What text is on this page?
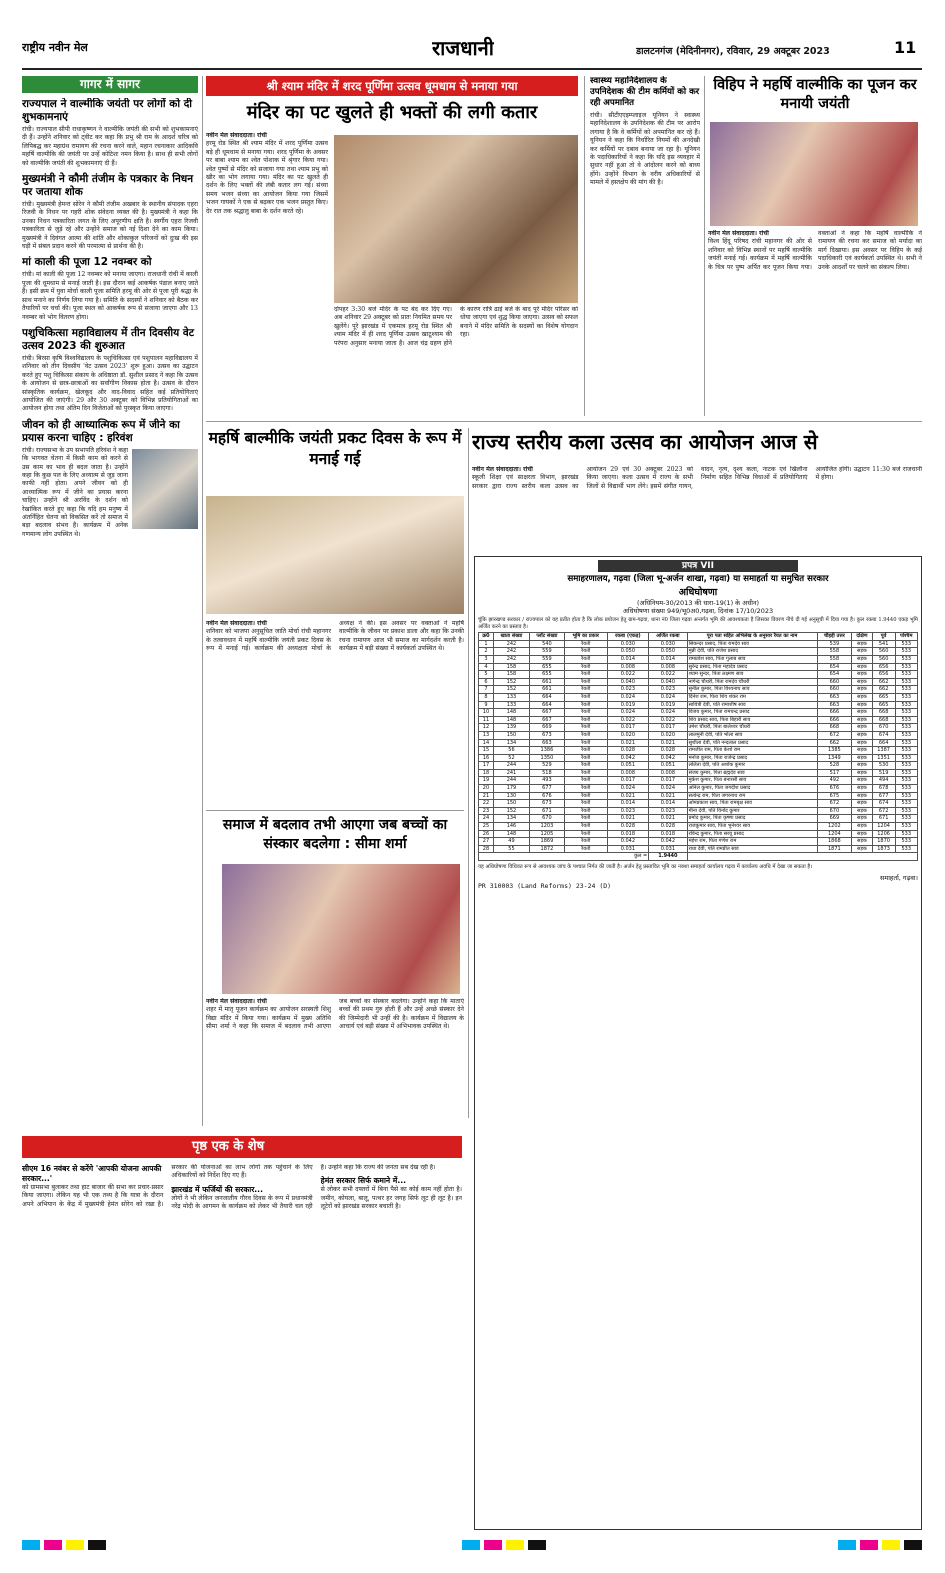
राष्ट्रीय नवीन मेल	राजधानी	डालटनगंज (मेदिनीनगर), रविवार, 29 अक्टूबर 2023	11
गागर में सागर
राज्यपाल ने वाल्मीकि जयंती पर लोगों को दी शुभकामनाएं
रांची। राज्यपाल सीपी राधाकृष्णन ने वाल्मीकि जयंती की सभी को शुभकामनाएं दी हैं। उन्होंने शनिवार को ट्वीट कर कहा कि प्रभु श्री राम के आदर्श चरित्र को लिपिबद्ध कर महाग्रंथ रामायण की रचना करने वाले, महान रचनाकार आदिकवि महर्षि वाल्मीकि की जयंती पर उन्हें कोटिशः नमन किया है। साथ ही सभी लोगों को वाल्मीकि जयंती की शुभकामनाएं दी हैं।
मुख्यमंत्री ने कौमी तंजीम के पत्रकार के निधन पर जताया शोक
रांची। मुख्यमंत्री हेमन्त सोरेन ने कौमी तंजीम अखबार के स्थानीय संपादक एहरा रिजवी के निधन पर गहरी शोक संवेदना व्यक्त की है। मुख्यमंत्री ने कहा कि उनका निधन पत्रकारिता जगत के लिए अपूरणीय क्षति है। स्वर्गीय एहरा रिजवी पत्रकारिता से जुड़े रहे और उन्होंने समाज को नई दिशा देने का काम किया। मुख्यमंत्री ने दिवंगत आत्मा की शांति और शोकाकुल परिजनों को दुःख की इस घड़ी में संबल प्रदान करने की परमात्मा से प्रार्थना की है।
मां काली की पूजा 12 नवम्बर को
रांची। मां काली की पूजा 12 नवम्बर को मनाया जाएगा। राजधानी रांची में काली पूजा की धूमधाम से मनाई जाती है। इस दौरान कई आकर्षक पंडाल बनाए जाते हैं। इसी क्रम में युवा मोर्चा काली पूजा समिति हरमू की ओर से पूजा पूरी श्रद्धा के साथ मनाने का निर्णय लिया गया है। समिति के सदस्यों ने शनिवार को बैठक कर तैयारियों पर चर्चा की। पूजा स्थल को आकर्षक रूप से सजाया जाएगा और 13 नवम्बर को भोग वितरण होगा।
पशुचिकित्सा महाविद्यालय में तीन दिवसीय वेट उत्सव 2023 की शुरुआत
रांची। बिरसा कृषि विश्वविद्यालय के पशुचिकित्सा एवं पशुपालन महाविद्यालय में शनिवार को तीन दिवसीय 'वेट उत्सव 2023' शुरू हुआ। उत्सव का उद्घाटन करते हुए पशु चिकित्सा संकाय के अधिष्ठाता डॉ. सुशील प्रसाद ने कहा कि उत्सव के आयोजन से छात्र-छात्राओं का सर्वांगीण विकास होता है। उत्सव के दौरान सांस्कृतिक कार्यक्रम, खेलकूद और वाद-विवाद सहित कई प्रतियोगिताएं आयोजित की जाएंगी। 29 और 30 अक्टूबर को विभिन्न प्रतियोगिताओं का आयोजन होगा तथा अंतिम दिन विजेताओं को पुरस्कृत किया जाएगा।
जीवन को ही आध्यात्मिक रूप में जीने का प्रयास करना चाहिए : हरिवंश
रांची। राज्यसभा के उप सभापति हरिवंश ने कहा कि भागवत चेतना में किसी काम को करने से उस काम का भाव ही बदल जाता है। उन्होंने कहा कि कुछ पल के लिए अध्यात्म से जुड़ जाना काफी नहीं होता। अपने जीवन को ही आध्यात्मिक रूप में जीने का प्रयास करना चाहिए। उन्होंने श्री अरविंद के दर्शन को रेखांकित करते हुए कहा कि यदि हम मनुष्य में अंतर्निहित चेतना को विकसित करें तो समाज में बड़ा बदलाव संभव है। कार्यक्रम में अनेक गणमान्य लोग उपस्थित थे।
श्री श्याम मंदिर में शरद पूर्णिमा उत्सव धूमधाम से मनाया गया
मंदिर का पट खुलते ही भक्तों की लगी कतार
नवीन मेल संवाददाता। रांची
हरमू रोड स्थित श्री श्याम मंदिर में शरद पूर्णिमा उत्सव बड़े ही धूमधाम से मनाया गया। शरद पूर्णिमा के अवसर पर बाबा श्याम का श्वेत पोशाक में श्रृंगार किया गया। श्वेत पुष्पों से मंदिर को सजाया गया तथा श्याम प्रभु को खीर का भोग लगाया गया। मंदिर का पट खुलते ही दर्शन के लिए भक्तों की लंबी कतार लग गई। संध्या समय भजन संध्या का आयोजन किया गया जिसमें भजन गायकों ने एक से बढ़कर एक भजन प्रस्तुत किए। देर रात तक श्रद्धालु बाबा के दर्शन करते रहे।
दोपहर 3:30 बजे मंदिर के पट बंद कर दिए गए। अब शनिवार 29 अक्टूबर को प्रातः नियमित समय पर खुलेंगे। पूरे झारखंड में एकमात्र हरमू रोड स्थित श्री श्याम मंदिर में ही शरद पूर्णिमा उत्सव खाटूश्याम की परंपरा अनुसार मनाया जाता है। आज चंद्र ग्रहण होने के कारण रात्रि ढाई बजे के बाद पूरे मंदिर परिसर को धोया जाएगा एवं शुद्ध किया जाएगा। उत्सव को सफल बनाने में मंदिर समिति के सदस्यों का विशेष योगदान रहा।
स्वास्थ्य महानिदेशालय के उपनिदेशक की टीम कर्मियों को कर रही अपमानित
रांची। सीटीएएइम्प्लाइज यूनियन ने स्वास्थ्य महानिदेशालय के उपनिदेशक की टीम पर आरोप लगाया है कि वे कर्मियों को अपमानित कर रहे हैं। यूनियन ने कहा कि निर्धारित नियमों की अनदेखी कर कर्मियों पर दबाव बनाया जा रहा है। यूनियन के पदाधिकारियों ने कहा कि यदि इस व्यवहार में सुधार नहीं हुआ तो वे आंदोलन करने को बाध्य होंगे। उन्होंने विभाग के वरीय अधिकारियों से मामले में हस्तक्षेप की मांग की है।
विहिप ने महर्षि वाल्मीकि का पूजन कर मनायी जयंती
नवीन मेल संवाददाता। रांची
विश्व हिंदू परिषद रांची महानगर की ओर से शनिवार को विभिन्न स्थानों पर महर्षि वाल्मीकि जयंती मनाई गई। कार्यक्रम में महर्षि वाल्मीकि के चित्र पर पुष्प अर्पित कर पूजन किया गया। वक्ताओं ने कहा कि महर्षि वाल्मीकि ने रामायण की रचना कर समाज को मर्यादा का मार्ग दिखाया। इस अवसर पर विहिप के कई पदाधिकारी एवं कार्यकर्ता उपस्थित थे। सभी ने उनके आदर्शों पर चलने का संकल्प लिया।
महर्षि बाल्मीकि जयंती प्रकट दिवस के रूप में मनाई गई
नवीन मेल संवाददाता। रांची
शनिवार को भाजपा अनुसूचित जाति मोर्चा रांची महानगर के तत्वावधान में महर्षि वाल्मीकि जयंती प्रकट दिवस के रूप में मनाई गई। कार्यक्रम की अध्यक्षता मोर्चा के अध्यक्ष ने की। इस अवसर पर वक्ताओं ने महर्षि वाल्मीकि के जीवन पर प्रकाश डाला और कहा कि उनकी रचना रामायण आज भी समाज का मार्गदर्शन करती है। कार्यक्रम में बड़ी संख्या में कार्यकर्ता उपस्थित थे।
राज्य स्तरीय कला उत्सव का आयोजन आज से
नवीन मेल संवाददाता। रांची
स्कूली शिक्षा एवं साक्षरता विभाग, झारखंड सरकार द्वारा राज्य स्तरीय कला उत्सव का आयोजन 29 एवं 30 अक्टूबर 2023 को किया जाएगा। कला उत्सव में राज्य के सभी जिलों से विद्यार्थी भाग लेंगे। इसमें संगीत गायन, वादन, नृत्य, दृश्य कला, नाटक एवं खिलौना निर्माण सहित विभिन्न विधाओं में प्रतियोगिताएं आयोजित होंगी। उद्घाटन 11:30 बजे राजधानी में होगा।
समाज में बदलाव तभी आएगा जब बच्चों का संस्कार बदलेगा : सीमा शर्मा
नवीन मेल संवाददाता। रांची
शहर में मातृ पूजन कार्यक्रम का आयोजन सरस्वती शिशु विद्या मंदिर में किया गया। कार्यक्रम में मुख्य अतिथि सीमा शर्मा ने कहा कि समाज में बदलाव तभी आएगा जब बच्चों का संस्कार बदलेगा। उन्होंने कहा कि माताएं बच्चों की प्रथम गुरु होती हैं और उन्हें अच्छे संस्कार देने की जिम्मेदारी भी उन्हीं की है। कार्यक्रम में विद्यालय के आचार्य एवं बड़ी संख्या में अभिभावक उपस्थित थे।
पृष्ठ एक के शेष
सीएम 16 नवंबर से करेंगे 'आपकी योजना आपकी सरकार...'
को ग्रामसभा बुलाकर तथा हाट बाजार की सभा कर प्रचार-प्रसार किया जाएगा। लेकिन यह भी एक तथ्य है कि यात्रा के दौरान अपने अभियान के केंद्र में मुख्यमंत्री हेमंत सोरेन को रखा है। सरकार की योजनाओं का लाभ लोगों तक पहुंचाने के लिए अधिकारियों को निर्देश दिए गए हैं।
झारखंड में फर्जियों की सरकार...
लोगों ने भी लेकिन जनजातीय गौरव दिवस के रूप में प्रधानमंत्री नरेंद्र मोदी के आगमन के कार्यक्रम को लेकर भी तैयारी चल रही है। उन्होंने कहा कि राज्य की जनता सब देख रही है।
हेमंत सरकार सिर्फ कमाने में...
से लोकर सभी दफ्तरों में बिना पैसे का कोई काम नहीं होता है। जमीन, कोयला, बालू, पत्थर हर जगह सिर्फ लूट ही लूट है। इन लूटेरों को झारखंड सरकार बचाती है।
प्रपत्र VII
समाहरणालय, गढ़वा (जिला भू-अर्जन शाखा, गढ़वा) या समाहर्ता या समुचित सरकार
अधिघोषणा
(अधिनियम-30/2013 की धारा-19(1) के अधीन)
अधिघोषणा संख्या 949/भू0अ0,गढ़वा, दिनांक 17/10/2023
चूंकि झारखण्ड सरकार / राज्यपाल को यह प्रतीत होता है कि लोक प्रयोजन हेतु ग्राम-गढ़वा, थाना नं0 जिला गढ़वा अन्तर्गत भूमि की आवश्यकता है जिसका विवरण नीचे दी गई अनुसूची में दिया गया है। कुल रकबा 1.9440 एकड़ भूमि अर्जित करने का प्रस्ताव है।
क्र0	खाता संख्या	प्लॉट संख्या	भूमि का प्रकार	रकबा (एकड़)	अर्जित रकबा	पूरा पता सहित अभिलेख के अनुसार रैयत का नाम	चौहद्दी उत्तर	दक्षिण	पूर्व	पश्चिम
1	242	540	रैयती	0.030	0.030	सिकन्दर प्रसाद, पिता रामदेव साव	539	सड़क	541	533
2	242	559	रैयती	0.050	0.050	मुन्नी देवी, पति राजेश प्रसाद	558	सड़क	560	533
3	242	559	रैयती	0.014	0.014	रामप्रवेश साव, पिता गुलाब साव	558	सड़क	560	533
4	158	655	रैयती	0.008	0.008	सुरेन्द्र प्रसाद, पिता महादेव प्रसाद	654	सड़क	656	533
5	158	655	रैयती	0.022	0.022	श्याम सुन्दर, पिता लक्ष्मण साव	654	सड़क	656	533
6	152	661	रैयती	0.040	0.040	नागेन्द्र चौधरी, पिता रामदेव चौधरी	660	सड़क	662	533
7	152	661	रैयती	0.023	0.023	सुनील कुमार, पिता विश्वनाथ साव	660	सड़क	662	533
8	133	664	रैयती	0.024	0.024	दिनेश राम, पिता शिव शंकर राम	663	सड़क	665	533
9	133	664	रैयती	0.019	0.019	सावित्री देवी, पति रामाशीष साव	663	सड़क	665	533
10	148	667	रैयती	0.024	0.024	विजय कुमार, पिता रामचन्द्र प्रसाद	666	सड़क	668	533
11	148	667	रैयती	0.022	0.022	शिव प्रसाद साव, पिता बिहारी साव	666	सड़क	668	533
12	139	669	रैयती	0.017	0.017	उमेश चौधरी, पिता बालेश्वर चौधरी	668	सड़क	670	533
13	150	673	रैयती	0.020	0.020	लालमुनी देवी, पति भोला साव	672	सड़क	674	533
14	134	663	रैयती	0.021	0.021	सुशीला देवी, पति नन्दलाल प्रसाद	662	सड़क	664	533
15	56	1386	रैयती	0.028	0.028	रामजीत राम, पिता केशो राम	1385	सड़क	1387	533
16	52	1350	रैयती	0.042	0.042	मनोज कुमार, पिता राजेन्द्र प्रसाद	1349	सड़क	1351	533
17	244	529	रैयती	0.051	0.051	ललिता देवी, पति अशोक कुमार	528	सड़क	530	533
18	241	518	रैयती	0.008	0.008	संजय कुमार, पिता ब्रह्मदेव साव	517	सड़क	519	533
19	244	493	रैयती	0.017	0.017	मुकेश कुमार, पिता बनारसी साव	492	सड़क	494	533
20	179	677	रैयती	0.024	0.024	अनिल कुमार, पिता जगदीश प्रसाद	676	सड़क	678	533
21	130	676	रैयती	0.021	0.021	सत्येन्द्र राम, पिता जगरनाथ राम	675	सड़क	677	533
22	150	673	रैयती	0.014	0.014	ओमप्रकाश साव, पिता रामबृक्ष साव	672	सड़क	674	533
23	152	671	रैयती	0.023	0.023	मीना देवी, पति विनोद कुमार	670	सड़क	672	533
24	134	670	रैयती	0.021	0.021	प्रमोद कुमार, पिता कृष्णा प्रसाद	669	सड़क	671	533
25	146	1203	रैयती	0.028	0.028	राजकुमार साव, पिता भुनेश्वर साव	1202	सड़क	1204	533
26	148	1205	रैयती	0.018	0.018	रविन्द्र कुमार, पिता सरयू प्रसाद	1204	सड़क	1206	533
27	49	1869	रैयती	0.042	0.042	महेश राम, पिता गणेश राम	1868	सड़क	1870	533
28	55	1872	रैयती	0.031	0.031	राधा देवी, पति रामप्रीत साव	1871	सड़क	1873	533
कुल =					1.9440					
यह अधिघोषणा विधिवत रूप से आवश्यक जांच के पश्चात निर्गत की जाती है। अर्जन हेतु प्रस्तावित भूमि का नक्शा समाहर्ता कार्यालय गढ़वा में कार्यालय अवधि में देखा जा सकता है।
समाहर्ता, गढ़वा।
PR 310003 (Land Reforms) 23-24 (D)
